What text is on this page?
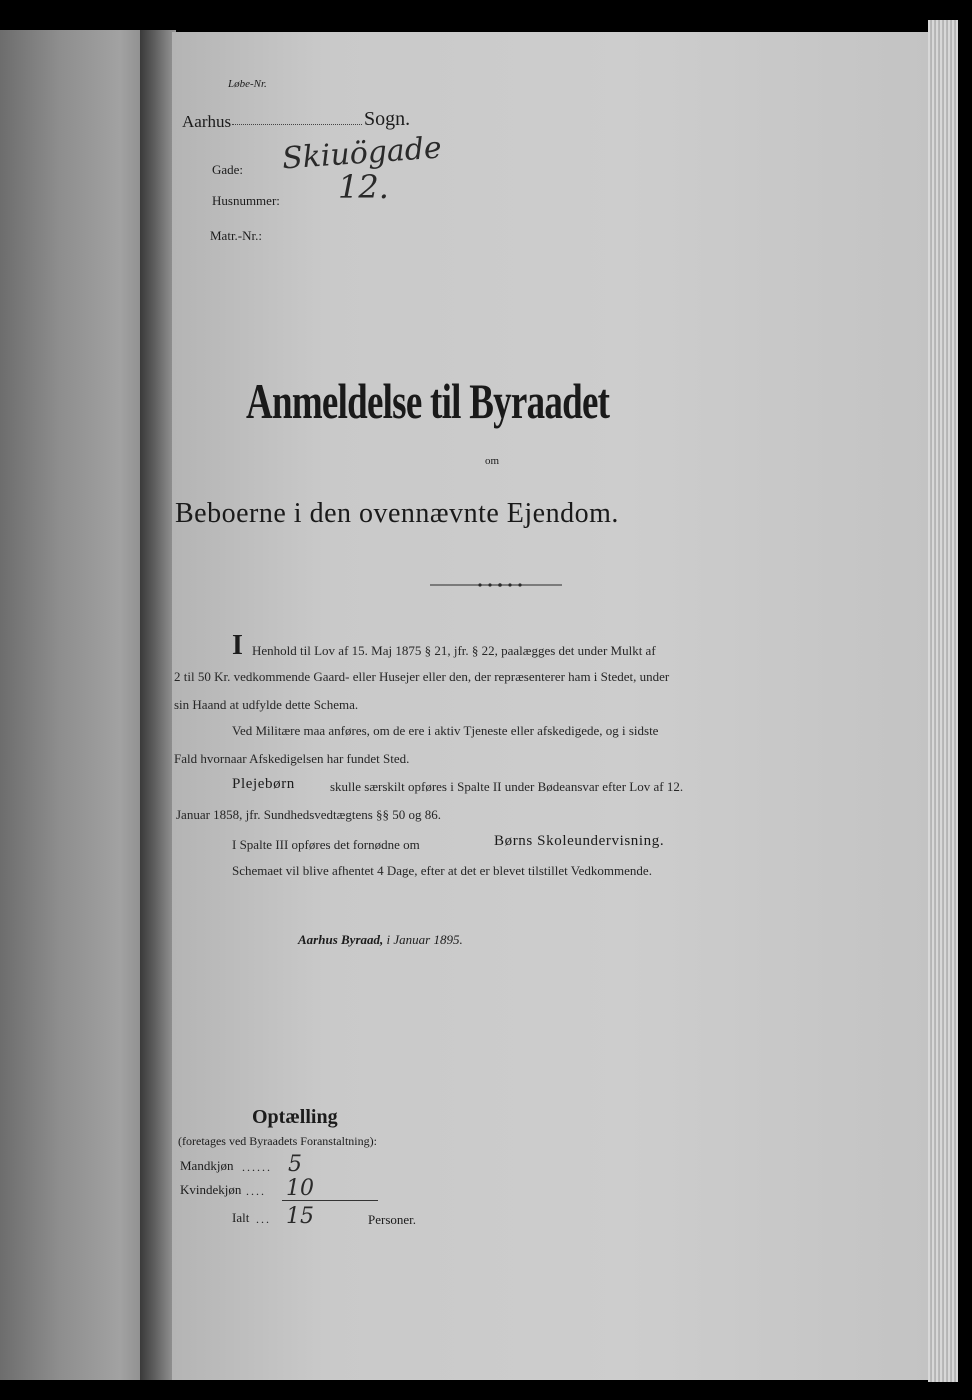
Løbe-Nr.
Aarhus	Sogn.
Gade: Skiuögade
Husnummer: 12.
Matr.-Nr.:
Anmeldelse til Byraadet
om
Beboerne i den ovennævnte Ejendom.
I Henhold til Lov af 15. Maj 1875 § 21, jfr. § 22, paalægges det under Mulkt af
2 til 50 Kr. vedkommende Gaard- eller Husejer eller den, der repræsenterer ham i Stedet, under
sin Haand at udfylde dette Schema.
Ved Militære maa anføres, om de ere i aktiv Tjeneste eller afskedigede, og i sidste
Fald hvornaar Afskedigelsen har fundet Sted.
Plejebørn	skulle særskilt opføres i Spalte II under Bødeansvar efter Lov af 12.
Januar 1858, jfr. Sundhedsvedtægtens §§ 50 og 86.
I Spalte III opføres det fornødne om	Børns Skoleundervisning.
Schemaet vil blive afhentet 4 Dage, efter at det er blevet tilstillet Vedkommende.
Aarhus Byraad, i Januar 1895.
Optælling
(foretages ved Byraadets Foranstaltning):
Mandkjøn ...... 5
Kvindekjøn .... 10
Ialt ... 15	Personer.
